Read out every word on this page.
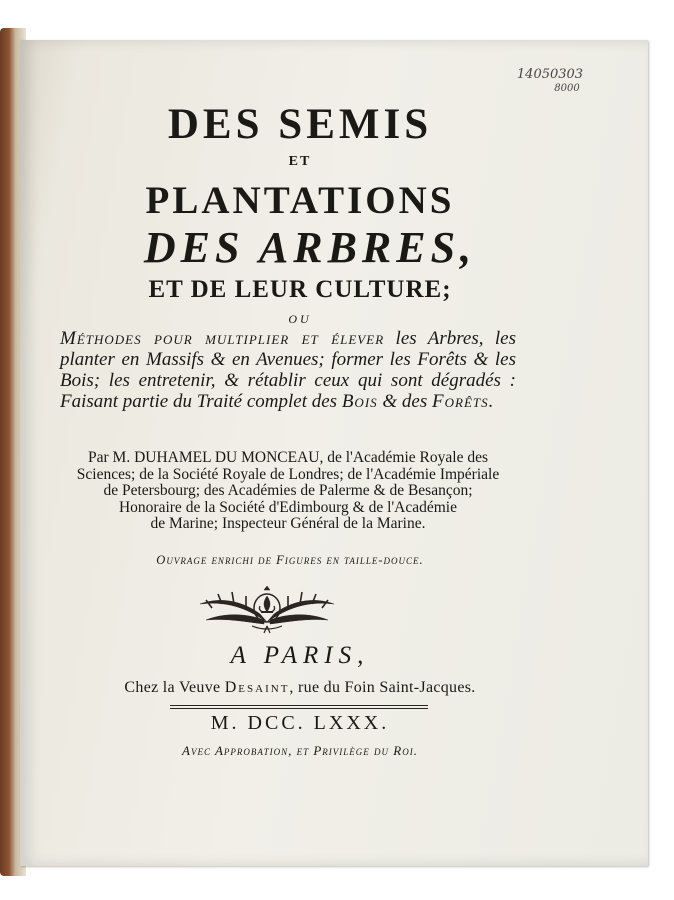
14050303
8000
DES SEMIS
ET
PLANTATIONS
DES ARBRES,
ET DE LEUR CULTURE;
OU
Méthodes pour multiplier et élever les Arbres, les planter en Massifs & en Avenues; former les Forêts & les Bois; les entretenir, & rétablir ceux qui sont dégradés : Faisant partie du Traité complet des Bois & des Forêts.
Par M. DUHAMEL DU MONCEAU, de l'Académie Royale des
Sciences; de la Société Royale de Londres; de l'Académie Impériale
de Petersbourg; des Académies de Palerme & de Besançon;
Honoraire de la Société d'Edimbourg & de l'Académie
de Marine; Inspecteur Général de la Marine.
Ouvrage enrichi de Figures en taille-douce.
A PARIS,
Chez la Veuve Desaint, rue du Foin Saint-Jacques.
M. DCC. LXXX.
Avec Approbation, et Privilège du Roi.
